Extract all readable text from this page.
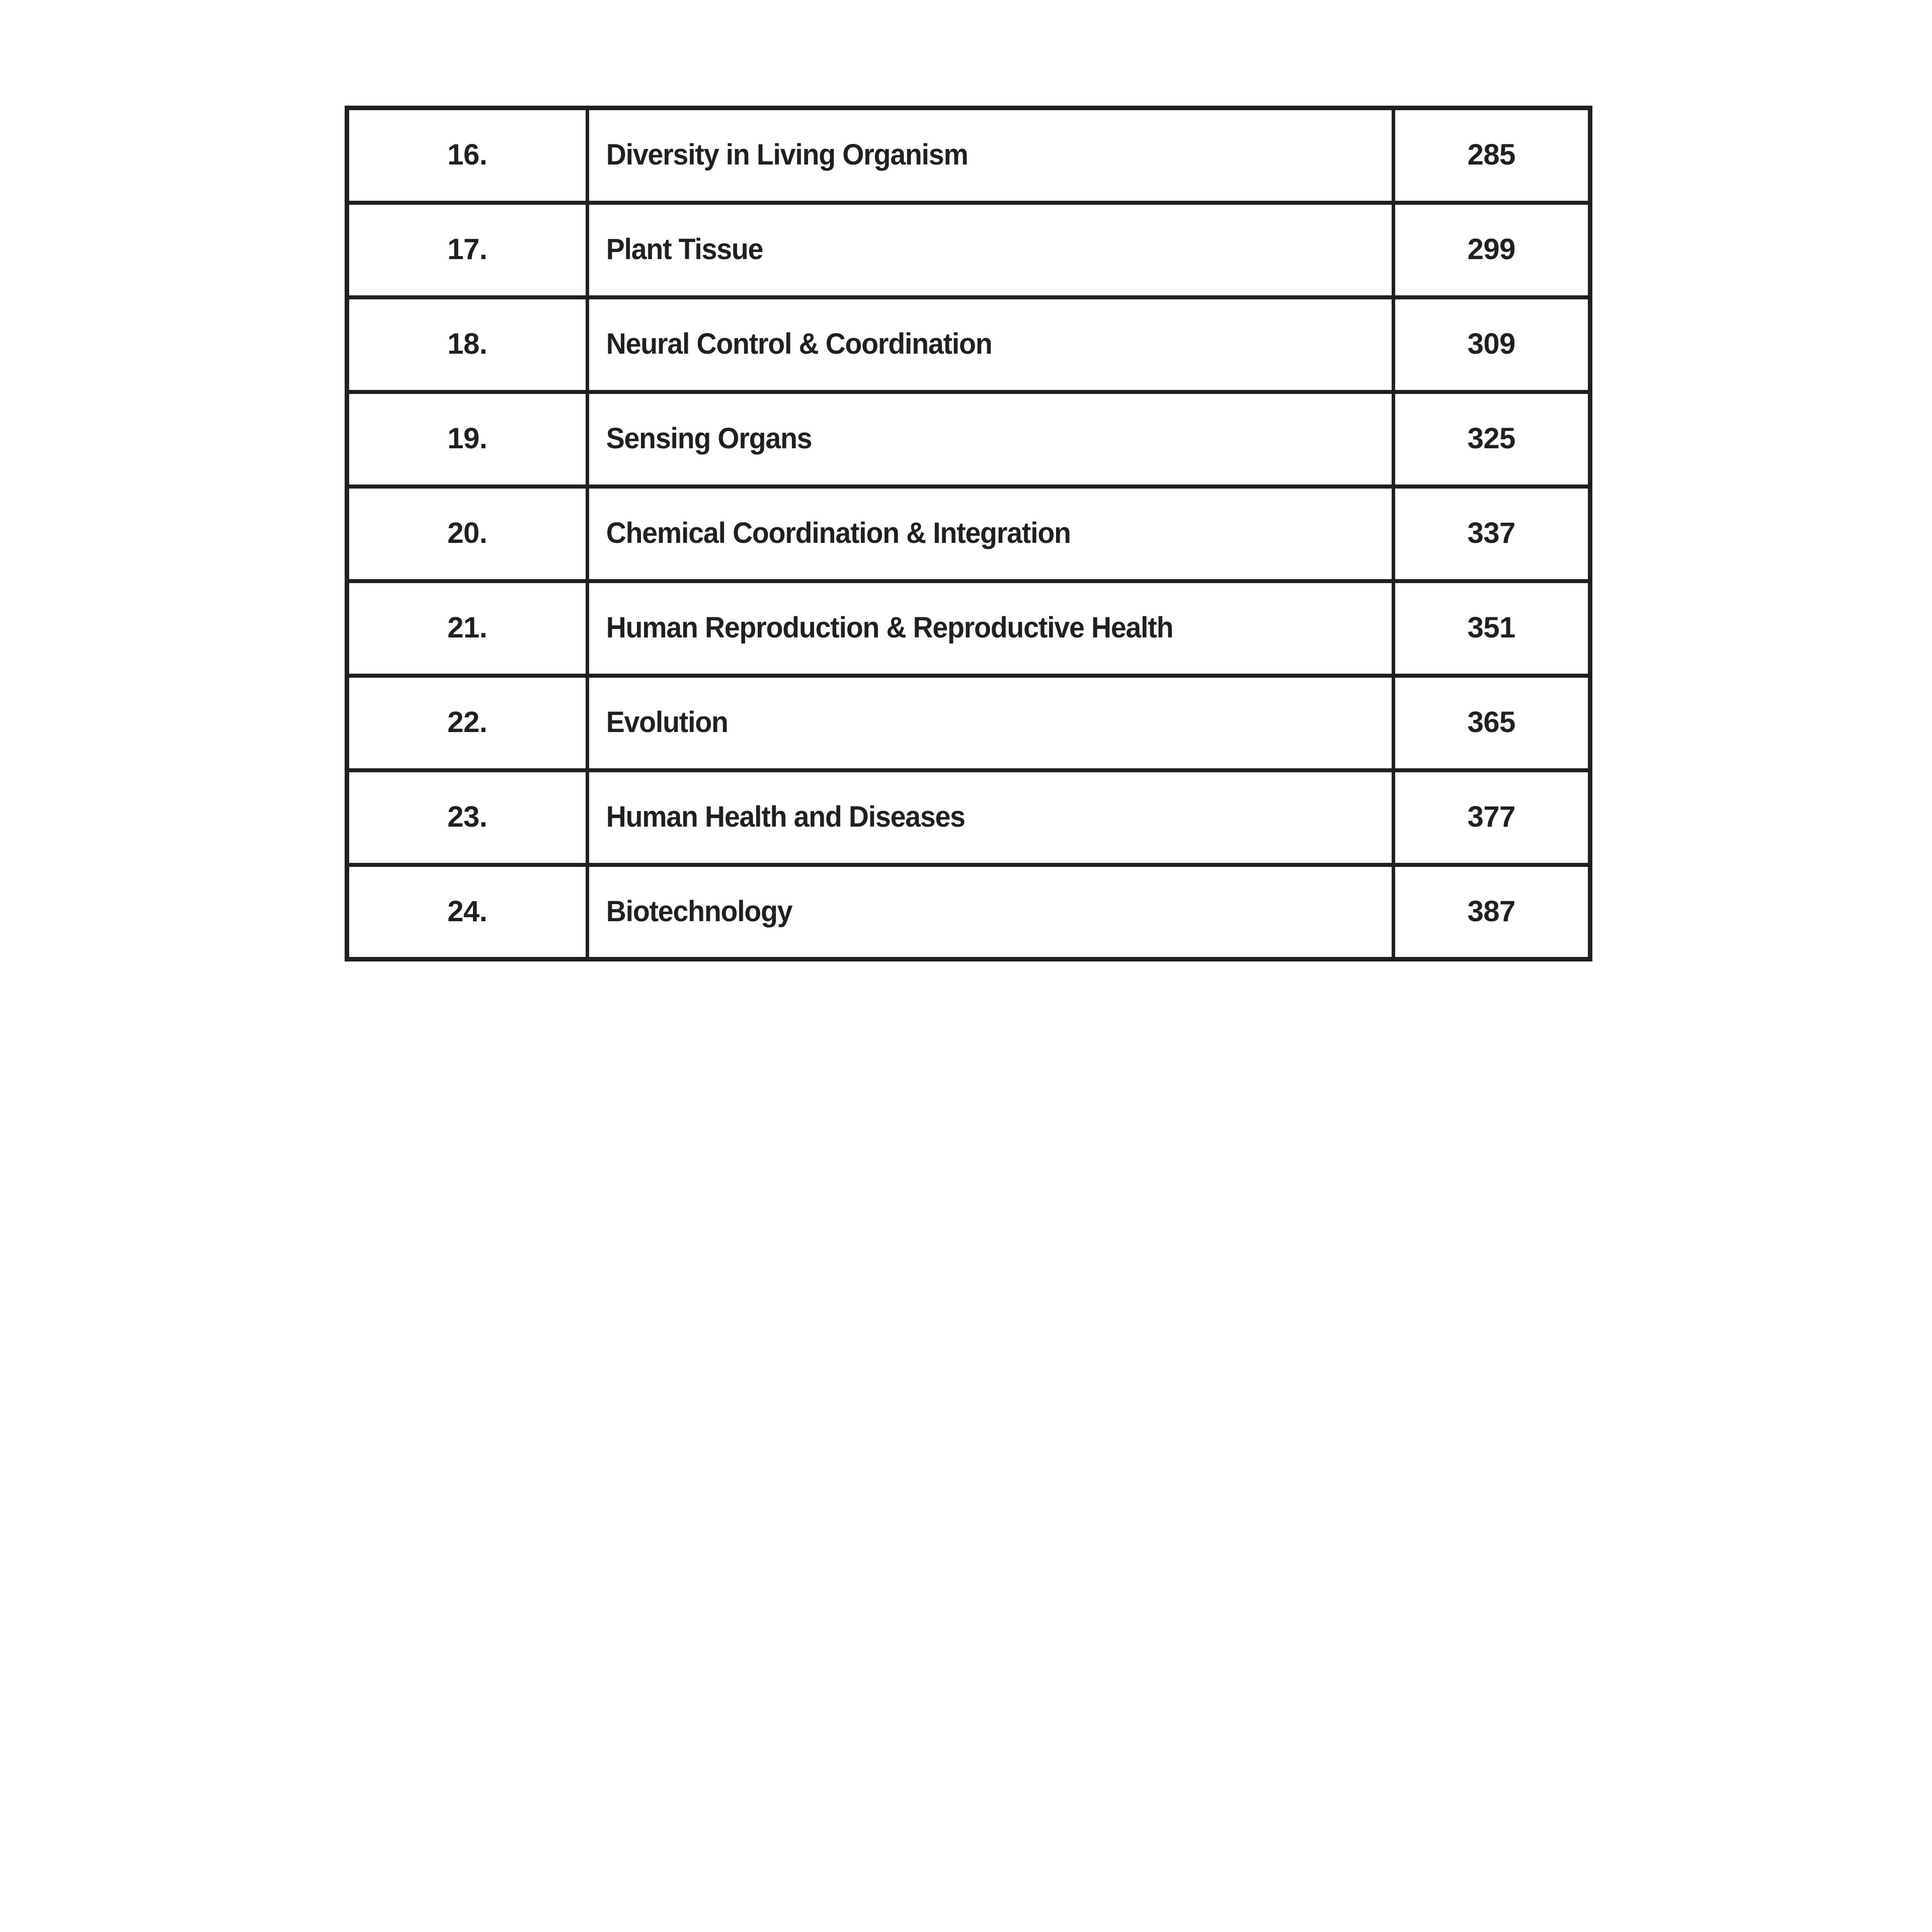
16.	Diversity in Living Organism	285
17.	Plant Tissue	299
18.	Neural Control & Coordination	309
19.	Sensing Organs	325
20.	Chemical Coordination & Integration	337
21.	Human Reproduction & Reproductive Health	351
22.	Evolution	365
23.	Human Health and Diseases	377
24.	Biotechnology	387
